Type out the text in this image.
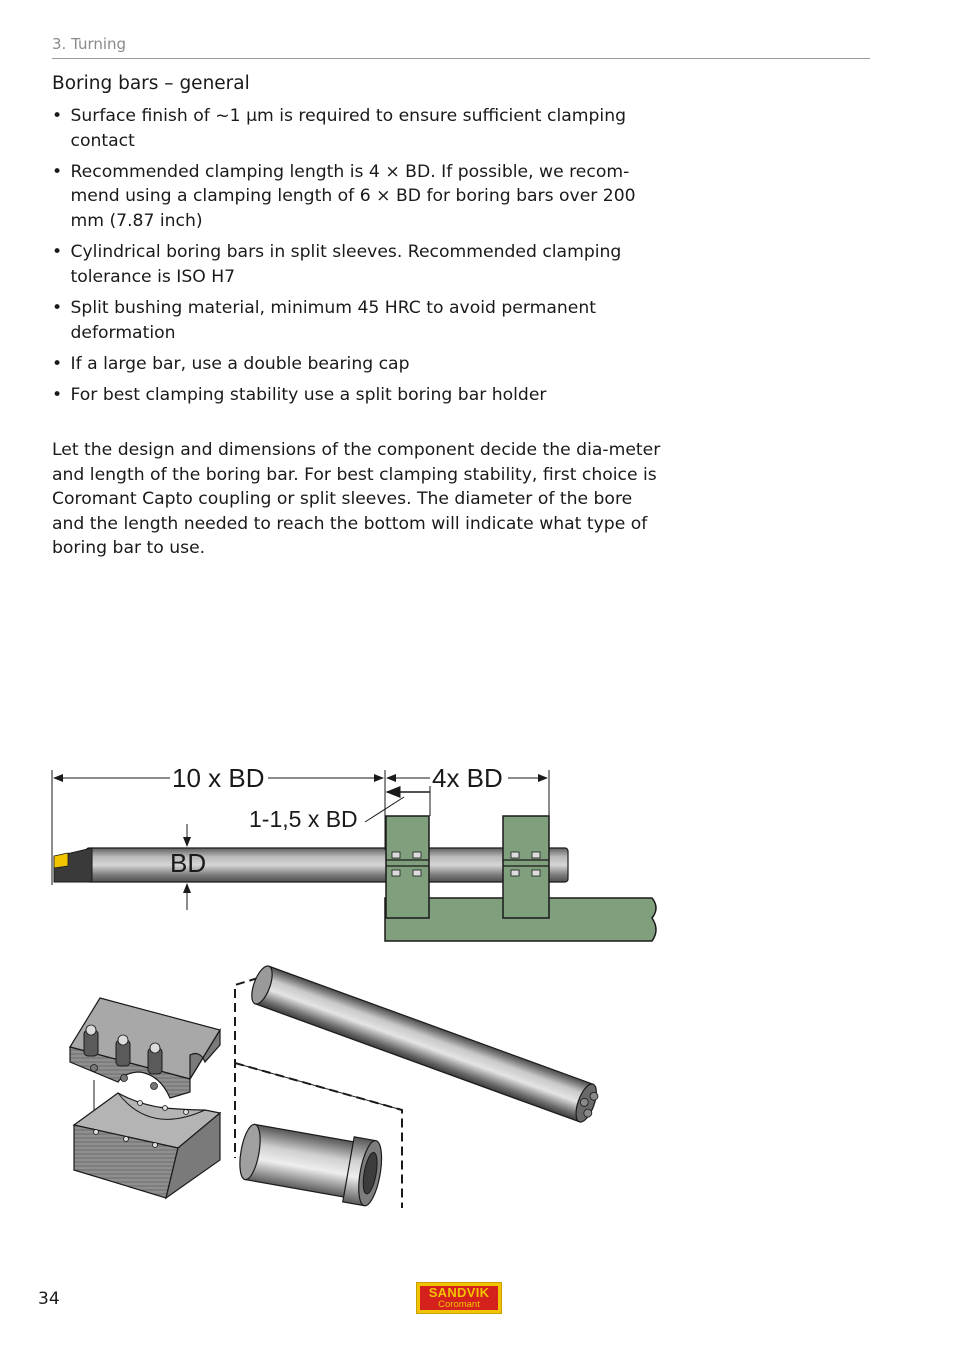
3. Turning
Boring bars – general
• Surface finish of ~1 µm is required to ensure sufficient clamping contact
• Recommended clamping length is 4 × BD. If possible, we recom-mend using a clamping length of 6 × BD for boring bars over 200 mm (7.87 inch)
• Cylindrical boring bars in split sleeves. Recommended clamping tolerance is ISO H7
• Split bushing material, minimum 45 HRC to avoid permanent deformation
• If a large bar, use a double bearing cap
• For best clamping stability use a split boring bar holder

Let the design and dimensions of the component decide the dia-meter and length of the boring bar. For best clamping stability, first choice is Coromant Capto coupling or split sleeves. The diameter of the bore and the length needed to reach the bottom will indicate what type of boring bar to use.

10 x BD	4x BD
1-1,5 x BD
BD
34	SANDVIK
Coromant
